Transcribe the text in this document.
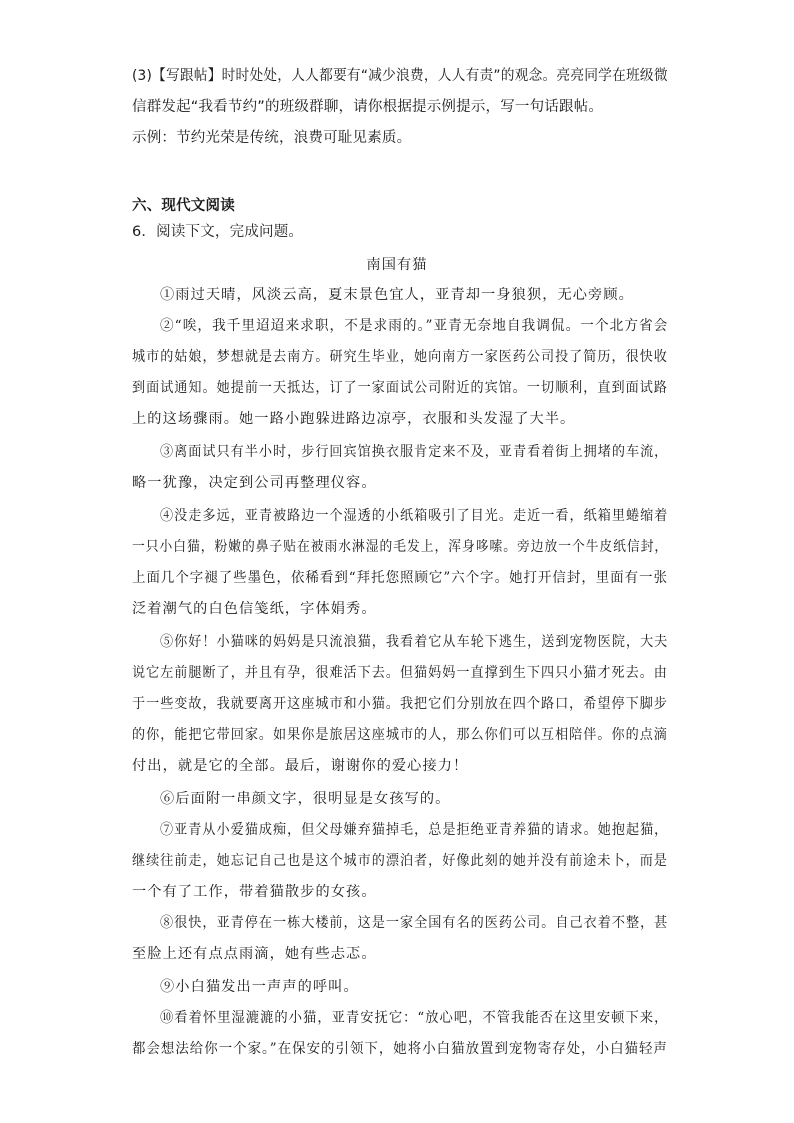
(3)【写跟帖】时时处处，人人都要有“减少浪费，人人有责”的观念。亮亮同学在班级微
信群发起“我看节约”的班级群聊，请你根据提示例提示，写一句话跟帖。
示例：节约光荣是传统，浪费可耻见素质。
六、现代文阅读
6．阅读下文，完成问题。
南国有猫
①雨过天晴，风淡云高，夏末景色宜人，亚青却一身狼狈，无心旁顾。
②“唉，我千里迢迢来求职，不是求雨的。”亚青无奈地自我调侃。一个北方省会
城市的姑娘，梦想就是去南方。研究生毕业，她向南方一家医药公司投了简历，很快收
到面试通知。她提前一天抵达，订了一家面试公司附近的宾馆。一切顺利，直到面试路
上的这场骤雨。她一路小跑躲进路边凉亭，衣服和头发湿了大半。
③离面试只有半小时，步行回宾馆换衣服肯定来不及，亚青看着街上拥堵的车流，
略一犹豫，决定到公司再整理仪容。
④没走多远，亚青被路边一个湿透的小纸箱吸引了目光。走近一看，纸箱里蜷缩着
一只小白猫，粉嫩的鼻子贴在被雨水淋湿的毛发上，浑身哆嗦。旁边放一个牛皮纸信封，
上面几个字褪了些墨色，依稀看到“拜托您照顾它”六个字。她打开信封，里面有一张
泛着潮气的白色信笺纸，字体娟秀。
⑤你好！小猫咪的妈妈是只流浪猫，我看着它从车轮下逃生，送到宠物医院，大夫
说它左前腿断了，并且有孕，很难活下去。但猫妈妈一直撑到生下四只小猫才死去。由
于一些变故，我就要离开这座城市和小猫。我把它们分别放在四个路口，希望停下脚步
的你，能把它带回家。如果你是旅居这座城市的人，那么你们可以互相陪伴。你的点滴
付出，就是它的全部。最后，谢谢你的爱心接力！
⑥后面附一串颜文字，很明显是女孩写的。
⑦亚青从小爱猫成痴，但父母嫌弃猫掉毛，总是拒绝亚青养猫的请求。她抱起猫，
继续往前走，她忘记自己也是这个城市的漂泊者，好像此刻的她并没有前途未卜，而是
一个有了工作，带着猫散步的女孩。
⑧很快，亚青停在一栋大楼前，这是一家全国有名的医药公司。自己衣着不整，甚
至脸上还有点点雨滴，她有些忐忑。
⑨小白猫发出一声声的呼叫。
⑩看着怀里湿漉漉的小猫，亚青安抚它：“放心吧，不管我能否在这里安顿下来，
都会想法给你一个家。”在保安的引领下，她将小白猫放置到宠物寄存处，小白猫轻声
